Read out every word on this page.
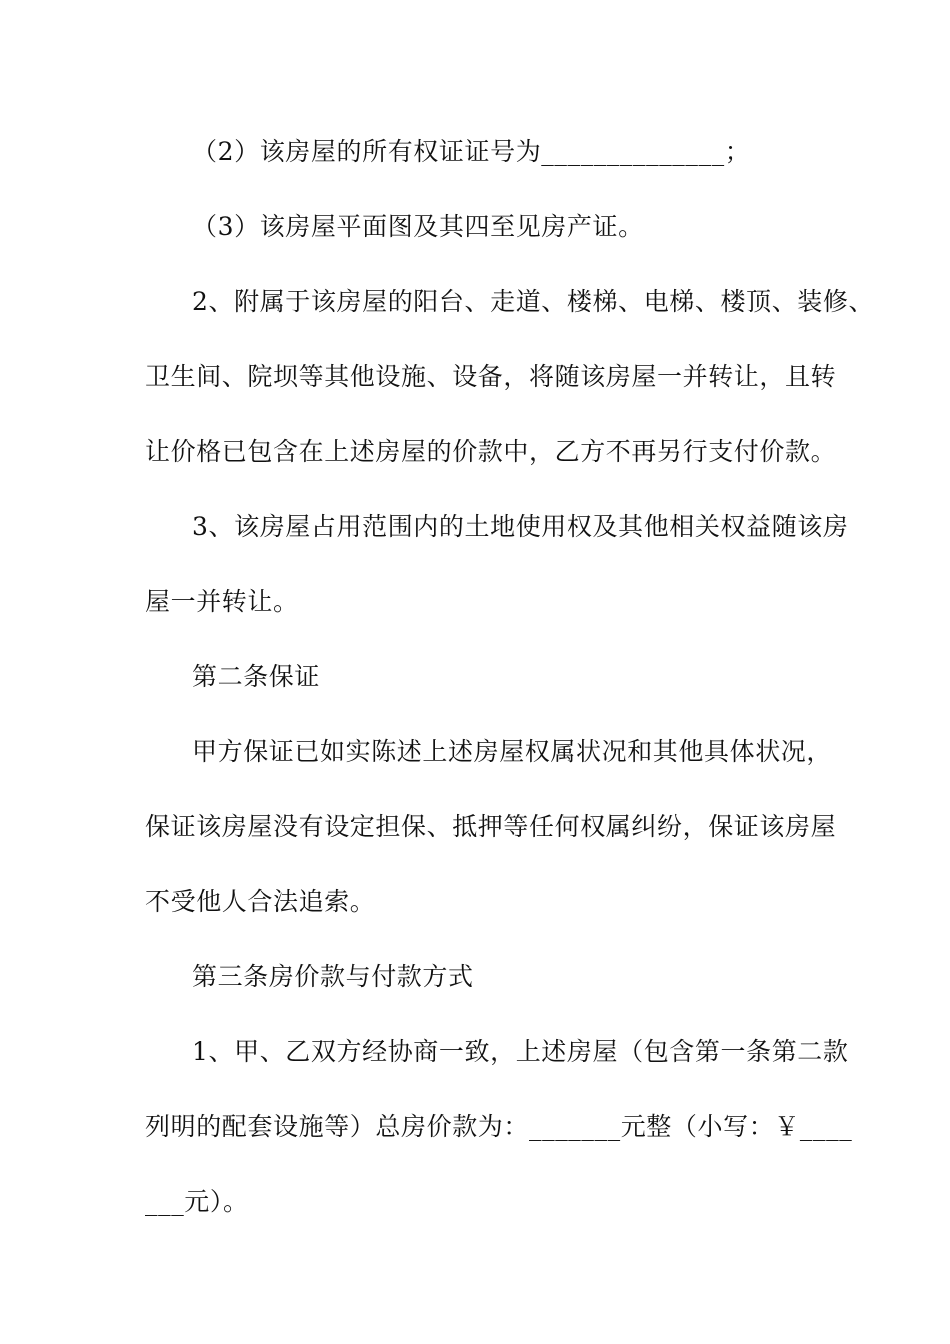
（2）该房屋的所有权证证号为______________；
（3）该房屋平面图及其四至见房产证。
2、附属于该房屋的阳台、走道、楼梯、电梯、楼顶、装修、
卫生间、院坝等其他设施、设备，将随该房屋一并转让，且转
让价格已包含在上述房屋的价款中，乙方不再另行支付价款。
3、该房屋占用范围内的土地使用权及其他相关权益随该房
屋一并转让。
第二条保证
甲方保证已如实陈述上述房屋权属状况和其他具体状况，
保证该房屋没有设定担保、抵押等任何权属纠纷，保证该房屋
不受他人合法追索。
第三条房价款与付款方式
1、甲、乙双方经协商一致，上述房屋（包含第一条第二款
列明的配套设施等）总房价款为：_______元整（小写：￥____
___元）。
